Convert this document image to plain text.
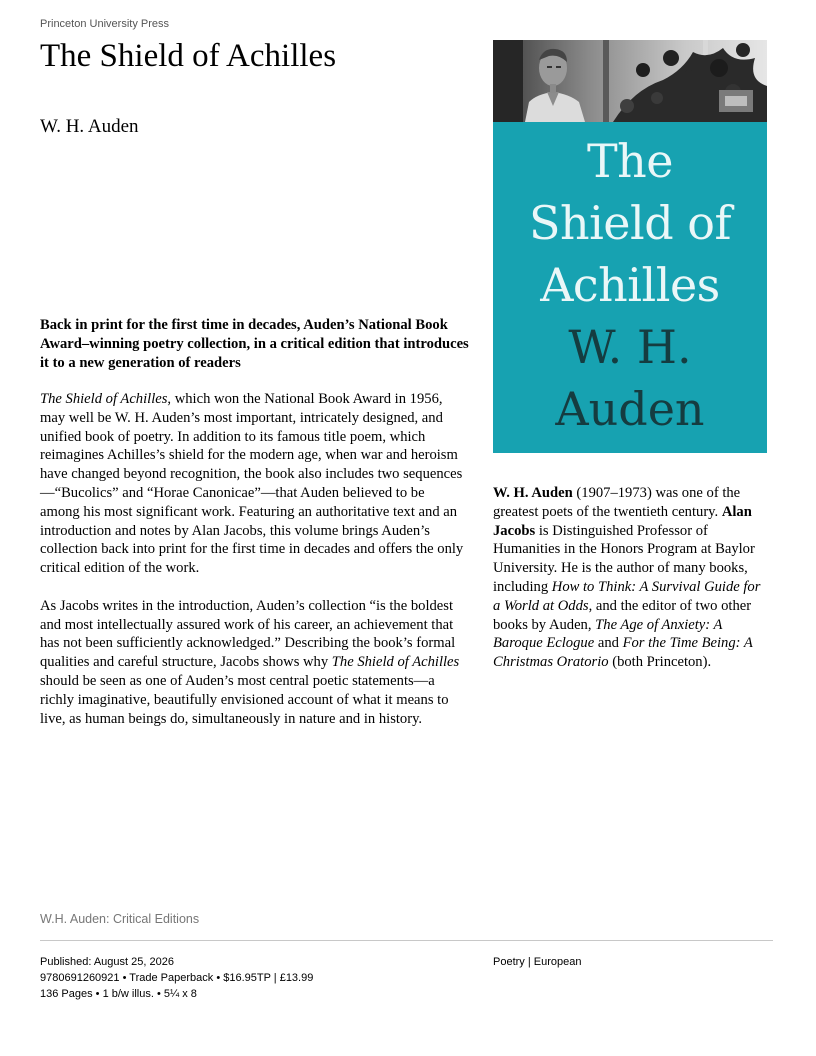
Princeton University Press
The Shield of Achilles
W. H. Auden
Back in print for the first time in decades, Auden’s National Book Award–winning poetry collection, in a critical edition that introduces it to a new generation of readers

The Shield of Achilles, which won the National Book Award in 1956, may well be W. H. Auden’s most important, intricately designed, and unified book of poetry. In addition to its famous title poem, which reimagines Achilles’s shield for the modern age, when war and heroism have changed beyond recognition, the book also includes two sequences—“Bucolics” and “Horae Canonicae”—that Auden believed to be among his most significant work. Featuring an authoritative text and an introduction and notes by Alan Jacobs, this volume brings Auden’s collection back into print for the first time in decades and offers the only critical edition of the work.

As Jacobs writes in the introduction, Auden’s collection “is the boldest and most intellectually assured work of his career, an achievement that has not been sufficiently acknowledged.” Describing the book’s formal qualities and careful structure, Jacobs shows why The Shield of Achilles should be seen as one of Auden’s most central poetic statements—a richly imaginative, beautifully envisioned account of what it means to live, as human beings do, simultaneously in nature and in history.

The
Shield of
Achilles
W. H.
Auden
W. H. Auden (1907–1973) was one of the greatest poets of the twentieth century. Alan Jacobs is Distinguished Professor of Humanities in the Honors Program at Baylor University. He is the author of many books, including How to Think: A Survival Guide for a World at Odds, and the editor of two other books by Auden, The Age of Anxiety: A Baroque Eclogue and For the Time Being: A Christmas Oratorio (both Princeton).
W.H. Auden: Critical Editions
Published: August 25, 2026
9780691260921 • Trade Paperback • $16.95TP | £13.99
136 Pages • 1 b/w illus. • 5¼ x 8
Poetry | European
